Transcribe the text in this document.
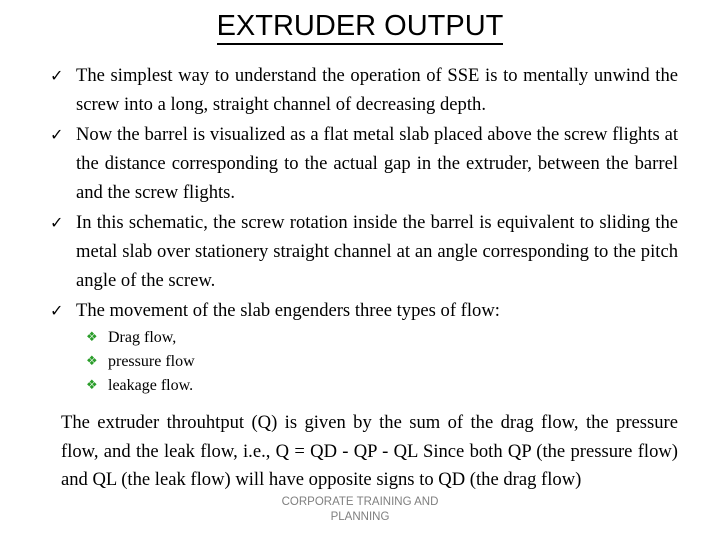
EXTRUDER OUTPUT
✓ The simplest way to understand the operation of SSE is to mentally unwind the screw into a long, straight channel of decreasing depth.
✓ Now the barrel is visualized as a flat metal slab placed above the screw flights at the distance corresponding to the actual gap in the extruder, between the barrel and the screw flights.
✓ In this schematic, the screw rotation inside the barrel is equivalent to sliding the metal slab over stationery straight channel at an angle corresponding to the pitch angle of the screw.
✓ The movement of the slab engenders three types of flow:
❖ Drag flow,
❖ pressure flow
❖ leakage flow.
The extruder throuhtput (Q) is given by the sum of the drag flow, the pressure flow, and the leak flow, i.e., Q = QD - QP - QL Since both QP (the pressure flow) and QL (the leak flow) will have opposite signs to QD (the drag flow)
CORPORATE TRAINING AND
PLANNING
